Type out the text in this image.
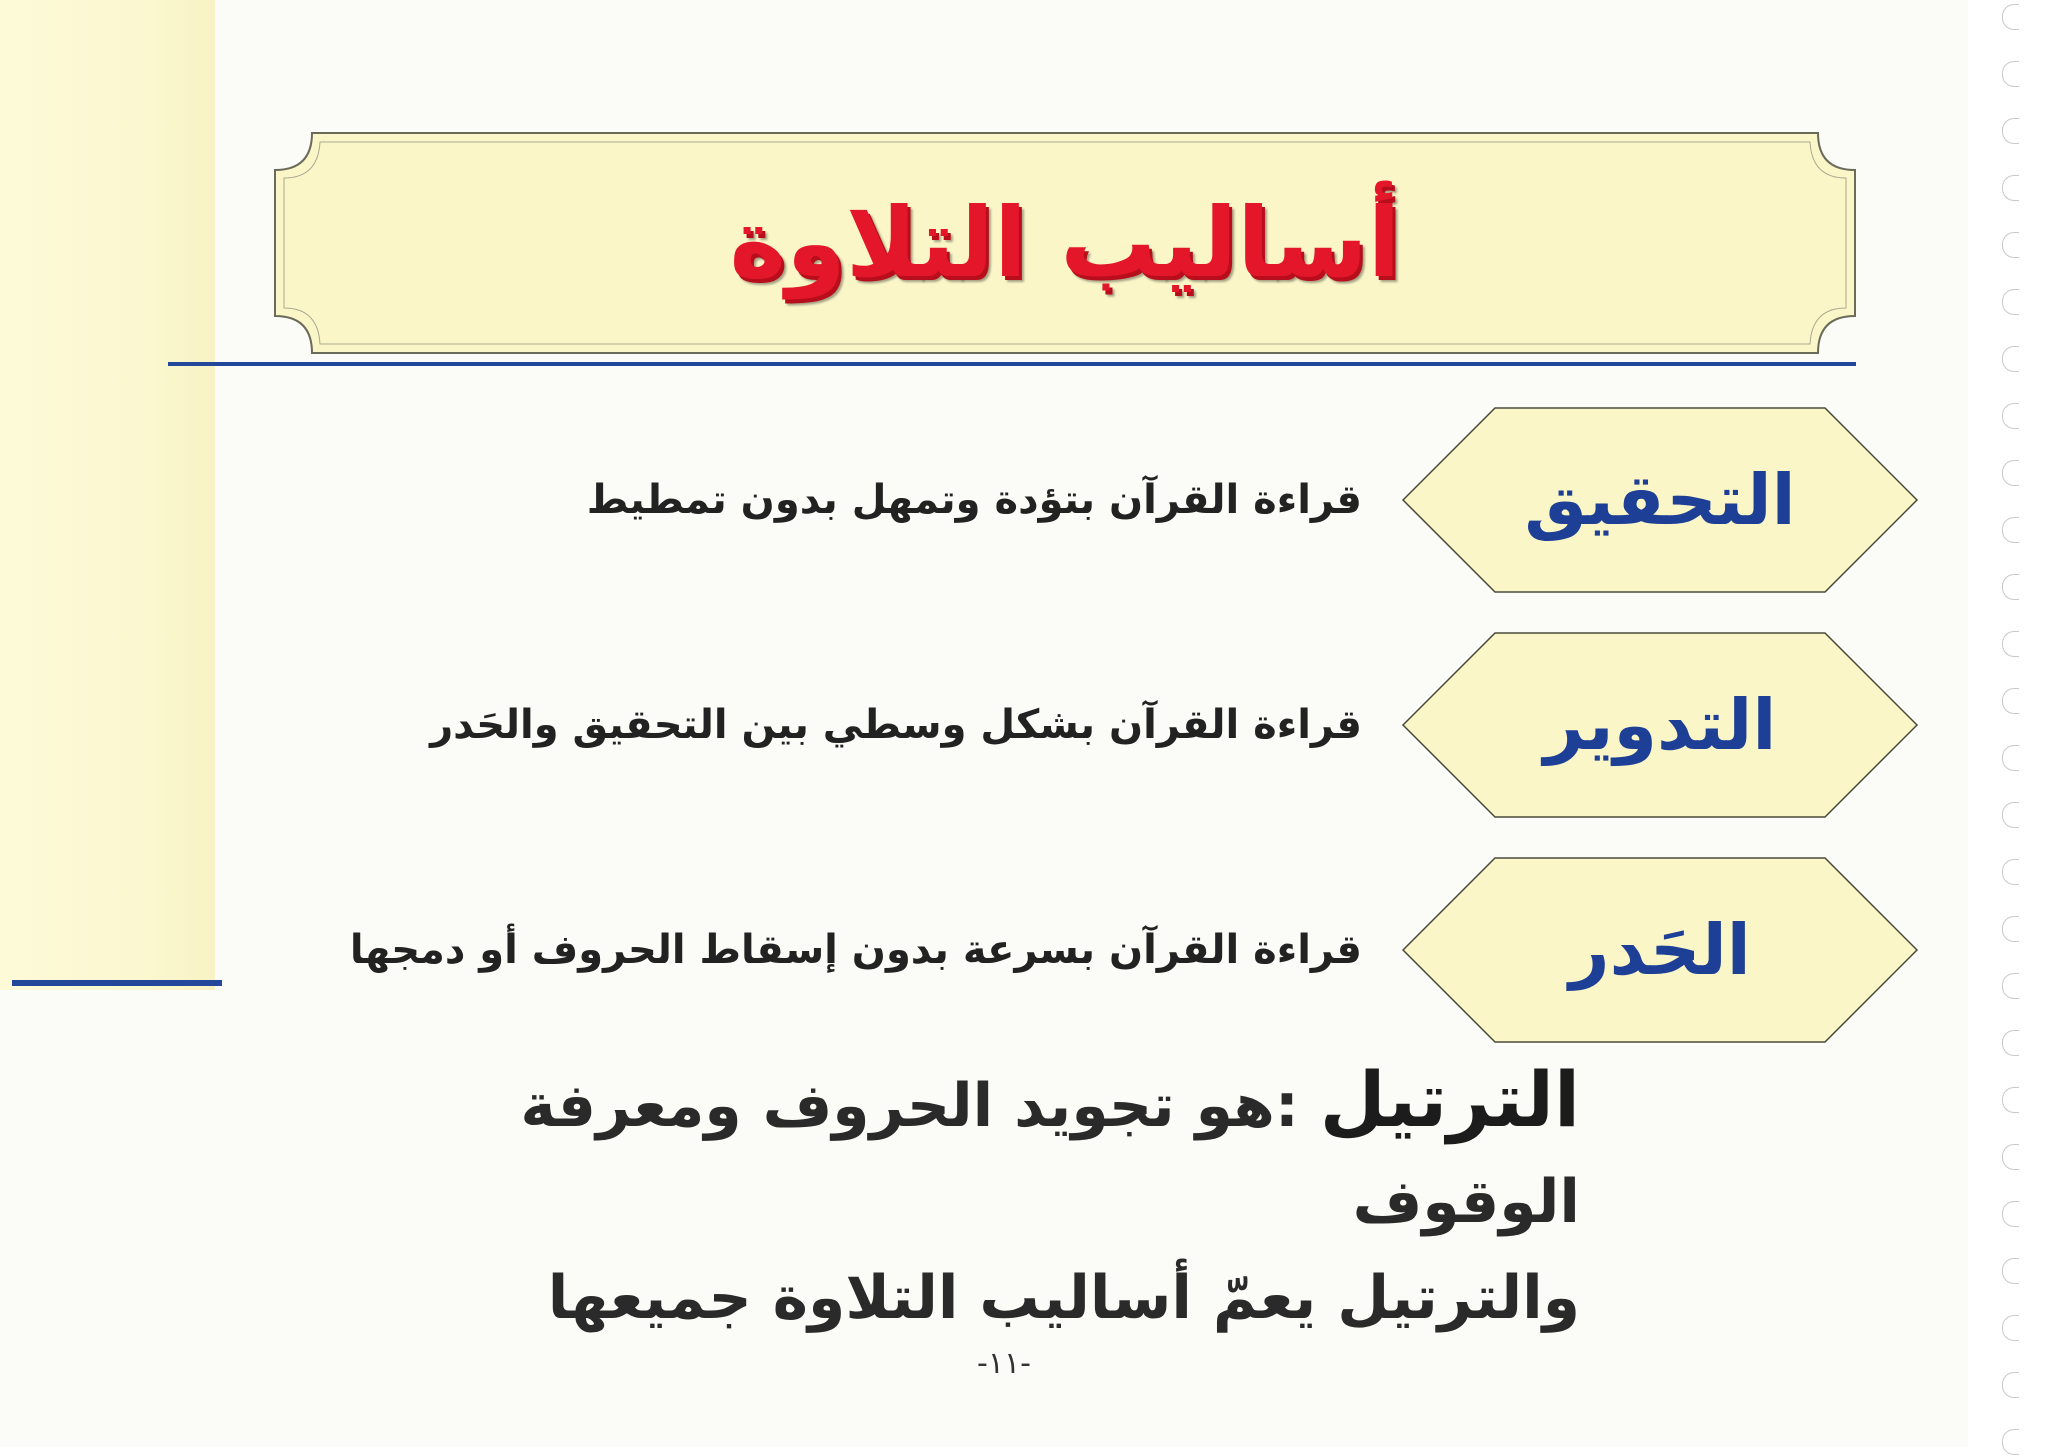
أساليب التلاوة
التحقيق
قراءة القرآن بتؤدة وتمهل بدون تمطيط
التدوير
قراءة القرآن بشكل وسطي بين التحقيق والحَدر
الحَدر
قراءة القرآن بسرعة بدون إسقاط الحروف أو دمجها
الترتيل :هو تجويد الحروف ومعرفة الوقوف
والترتيل يعمّ أساليب التلاوة جميعها
-١١-
